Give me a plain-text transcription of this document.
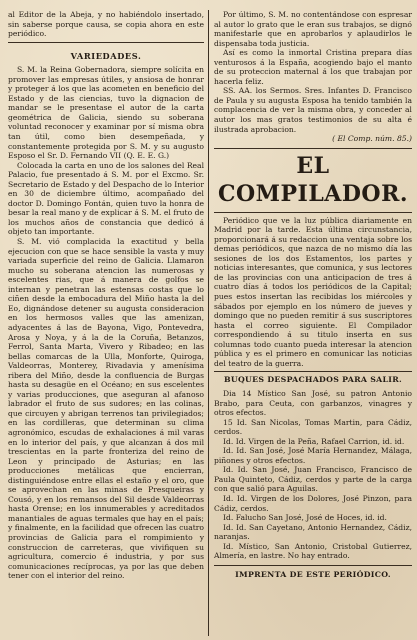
al Editor de la Abeja, y no habiéndolo insertado, sin saberse porque causa, se copia ahora en este periódico.

VARIEDADES.

S. M. la Reina Gobernadora, siempre solícita en promover las empresas útiles, y ansiosa de honrar y proteger á los que las acometen en beneficio del Estado y de las ciencias, tuvo la dignacion de mandar se le presentase el autor de la carta geométrica de Galicia, siendo su soberana voluntad reconocer y examinar por sí misma obra tan útil, como bien desempeñada, y constantemente protegida por S. M. y su augusto Esposo el Sr. D. Fernando VII (Q. E. E. G.)

Colocada la carta en uno de los salones del Real Palacio, fue presentado á S. M. por el Excmo. Sr. Secretario de Estado y del Despacho de lo Interior en 30 de diciembre último, acompañado del doctor D. Domingo Fontán, quien tuvo la honra de besar la real mano y de explicar á S. M. el fruto de los muchos años de constancia que dedicó á objeto tan importante.

S. M. vió complacida la exactitud y bella ejecucion con que se hace sensible la vasta y muy variada superficie del reino de Galicia. Llamaron mucho su soberana atencion las numerosas y escelentes rias, que á manera de golfos se internan y penetran las estensas costas que lo ciñen desde la embocadura del Miño hasta la del Eo, dignándose detener su augusta consideracion en los hermosos valles que las amenizan, adyacentes á las de Bayona, Vigo, Pontevedra, Arosa y Noya, y á la de la Coruña, Betanzos, Ferrol, Santa Marta, Vivero y Ribadeo; en las bellas comarcas de la Ulla, Monforte, Quiroga, Valdeorras, Monterey, Rivadavia y amenísima ribera del Miño, desde la confluencia de Burgas hasta su desagüe en el Océano; en sus escelentes y varias producciones, que aseguran al afanoso labrador el fruto de sus sudores; en las colinas, que circuyen y abrigan terrenos tan privilegiados; en las cordilleras, que determinan su clima agronómico, escudas de exhalaciones á mil varas en lo interior del país, y que alcanzan á dos mil trescientas en la parte fronteriza del reino de Leon y principado de Asturias; en las producciones metálicas que encierran, distinguiéndose entre ellas el estaño y el oro, que se aprovechan en las minas de Presqueiras y Cousó, y en los remansos del Sil desde Valdeorras hasta Orense; en los innumerables y acreditados manantiales de aguas termales que hay en el país; y finalmente, en la facilidad que ofrecen las cuatro provincias de Galicia para el rompimiento y construccion de carreteras, que vivifiquen su agricultura, comercio é industria, y por sus comunicaciones recíprocas, ya por las que deben tener con el interior del reino.

Por último, S. M. no contentándose con espresar al autor lo grato que le eran sus trabajos, se dignó manifestarle que en aprobarlos y aplaudirlos le dispensaba toda justicia.

Así es como la inmortal Cristina prepara días venturosos á la España, acogiendo bajo el manto de su proteccion maternal á los que trabajan por hacerla feliz.

SS. AA. los Sermos. Sres. Infantes D. Francisco de Paula y su augusta Esposa ha tenido también la complacencia de ver la misma obra, y conceder al autor los mas gratos testimonios de su alta é ilustrada aprobacion.

( El Comp. núm. 85.)

EL COMPILADOR.

Periódico que ve la luz pública diariamente en Madrid por la tarde. Esta última circunstancia, proporcionará á su redaccion una ventaja sobre los demas periódicos, que nazca de no mismo día las sesiones de los dos Estamentos, los partes y noticias interesantes, que comunica, y sus lectores de las provincias con una anticipacion de tres á cuatro días á todos los periódicos de la Capital; pues estos insertan las recibidas los miércoles y sábados por ejemplo en los número de jueves y domingo que no pueden remitir á sus suscriptores hasta el correo siguiente. El Compilador correspondiendo á su titulo inserta en sus columnas todo cuanto pueda interesar la atencion pública y es el primero en comunicar las noticias del teatro de la guerra.

BUQUES DESPACHADOS PARA SALIR.

Dia 14 Místico San José, su patron Antonio Brabo, para Ceuta, con garbanzos, vinagres y otros efectos.

15 Id. San Nicolas, Tomas Martin, para Cádiz, cerdos.

Id. Id. Virgen de la Peña, Rafael Carrion, id. id.

Id. Id. San José, José María Hernandez, Málaga, piñones y otros efectos.

Id. Id. San José, Juan Francisco, Francisco de Paula Quinteto, Cádiz, cerdos y parte de la carga con que salió para Aguilas.

Id. Id. Virgen de los Dolores, José Pinzon, para Cádiz, cerdos.

Id. Falucho San José, José de Hoces, id. id.

Id. Id. San Cayetano, Antonio Hernandez, Cádiz, naranjas.

Id. Místico, San Antonio, Cristobal Gutierrez, Almería, en lastre. No hay entrado.

IMPRENTA DE ESTE PERIÓDICO.
